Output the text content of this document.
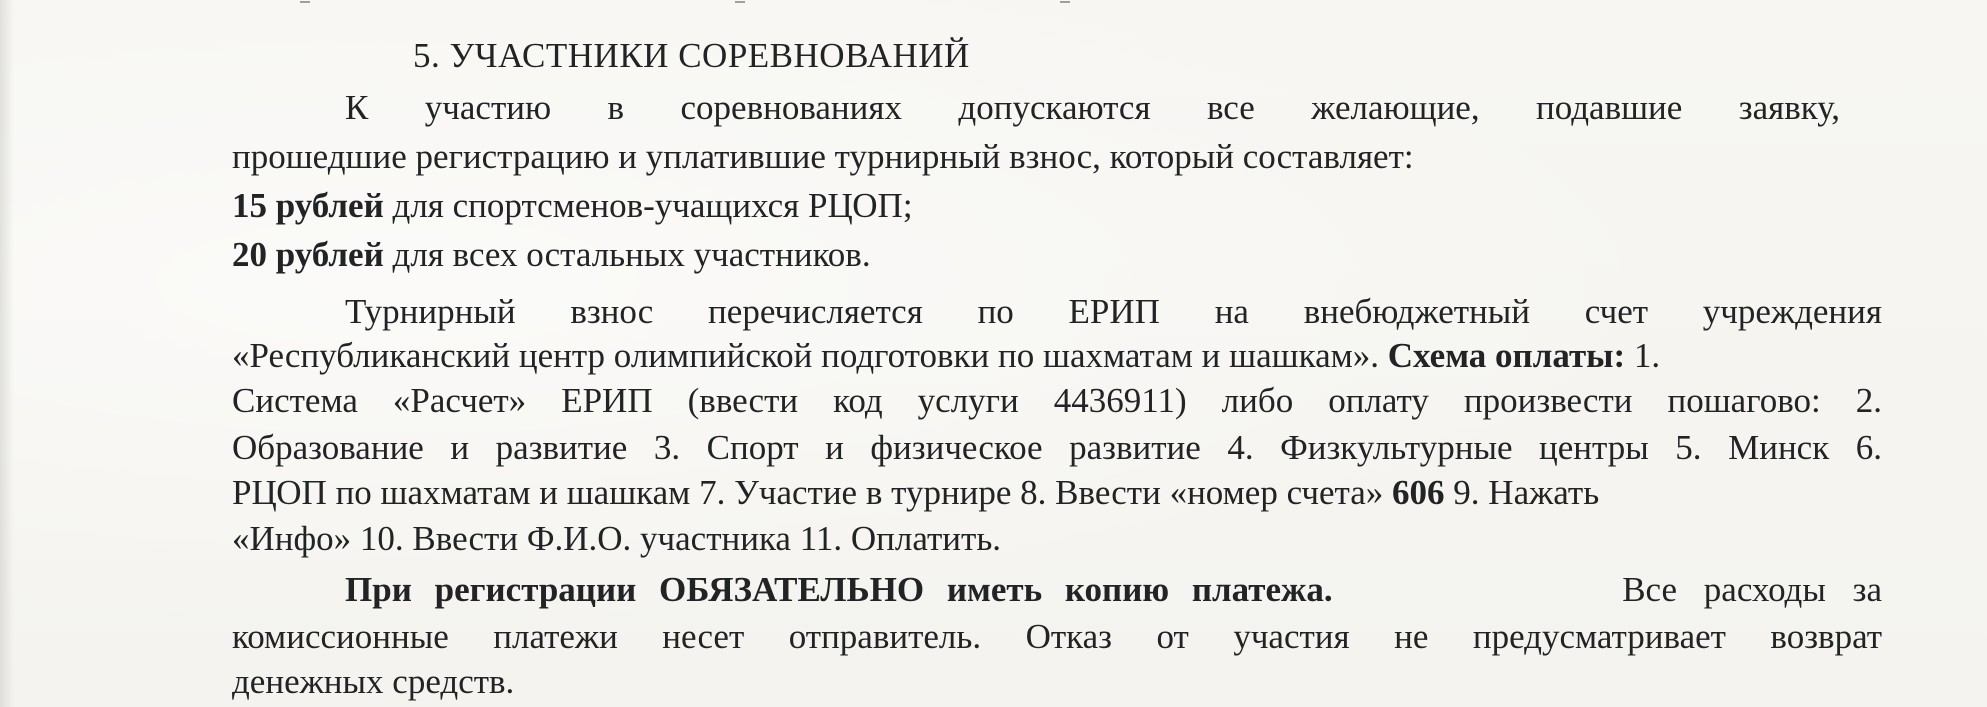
5. УЧАСТНИКИ СОРЕВНОВАНИЙ
К участию в соревнованиях допускаются все желающие, подавшие заявку,
прошедшие регистрацию и уплатившие турнирный взнос, который составляет:
15 рублей для спортсменов-учащихся РЦОП;
20 рублей для всех остальных участников.
Турнирный взнос перечисляется по ЕРИП на внебюджетный счет учреждения
«Республиканский центр олимпийской подготовки по шахматам и шашкам». Схема оплаты: 1.
Система «Расчет» ЕРИП (ввести код услуги 4436911) либо оплату произвести пошагово: 2.
Образование и развитие 3. Спорт и физическое развитие 4. Физкультурные центры 5. Минск 6.
РЦОП по шахматам и шашкам 7. Участие в турнире 8. Ввести «номер счета» 606 9. Нажать
«Инфо» 10. Ввести Ф.И.О. участника 11. Оплатить.
При регистрации ОБЯЗАТЕЛЬНО иметь копию платежа.	Все расходы за
комиссионные платежи несет отправитель. Отказ от участия не предусматривает возврат
денежных средств.
